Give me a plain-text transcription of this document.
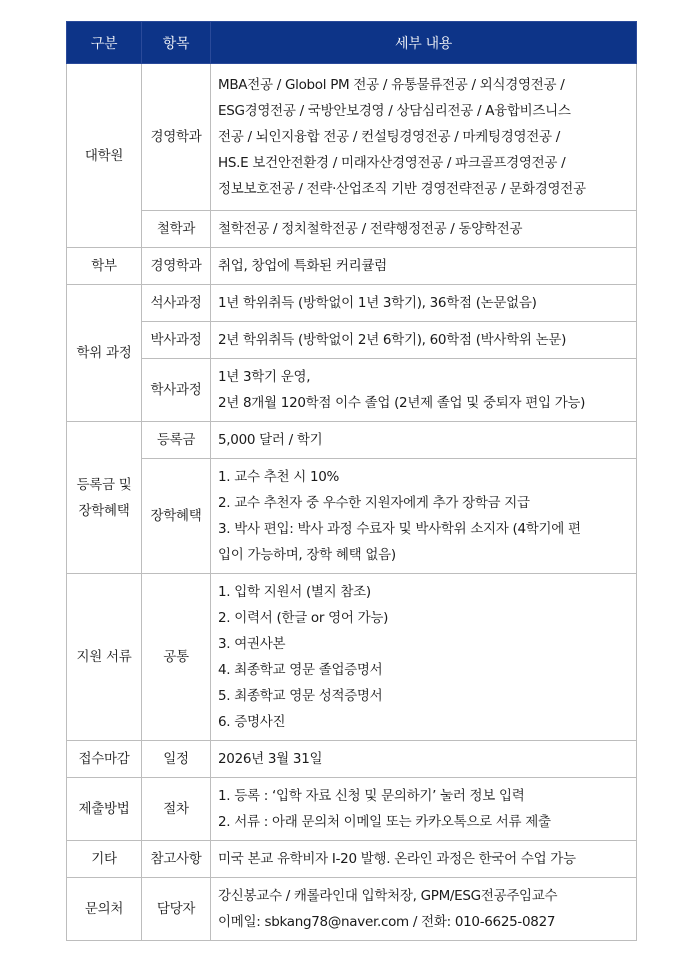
구분	항목	세부 내용
대학원	경영학과	MBA전공 / Globol PM 전공 / 유통물류전공 / 외식경영전공 /
ESG경영전공 / 국방안보경영 / 상담심리전공 / A융합비즈니스
전공 / 뇌인지융합 전공 / 컨설팅경영전공 / 마케팅경영전공 /
HS.E 보건안전환경 / 미래자산경영전공 / 파크골프경영전공 /
정보보호전공 / 전략·산업조직 기반 경영전략전공 / 문화경영전공

	철학과	철학전공 / 정치철학전공 / 전략행정전공 / 동양학전공
학부	경영학과	취업, 창업에 특화된 커리큘럼
학위 과정	석사과정	1년 학위취득 (방학없이 1년 3학기), 36학점 (논문없음)
	박사과정	2년 학위취득 (방학없이 2년 6학기), 60학점 (박사학위 논문)
	학사과정	1년 3학기 운영,
2년 8개월 120학점 이수 졸업 (2년제 졸업 및 중퇴자 편입 가능)

등록금 및
장학혜택	등록금	5,000 달러 / 학기
	장학혜택	1. 교수 추천 시 10%
2. 교수 추천자 중 우수한 지원자에게 추가 장학금 지급
3. 박사 편입: 박사 과정 수료자 및 박사학위 소지자 (4학기에 편
입이 가능하며, 장학 혜택 없음)

지원 서류	공통	
1. 입학 지원서 (별지 참조)
2. 이력서 (한글 or 영어 가능)
3. 여권사본
4. 최종학교 영문 졸업증명서
5. 최종학교 영문 성적증명서
6. 증명사진

접수마감	일정	2026년 3월 31일
제출방법	절차	1. 등록 : ‘입학 자료 신청 및 문의하기’ 눌러 정보 입력
2. 서류 : 아래 문의처 이메일 또는 카카오톡으로 서류 제출

기타	참고사항	미국 본교 유학비자 I-20 발행. 온라인 과정은 한국어 수업 가능
문의처	담당자	강신봉교수 / 캐롤라인대 입학처장, GPM/ESG전공주임교수
이메일: sbkang78@naver.com / 전화: 010-6625-0827
